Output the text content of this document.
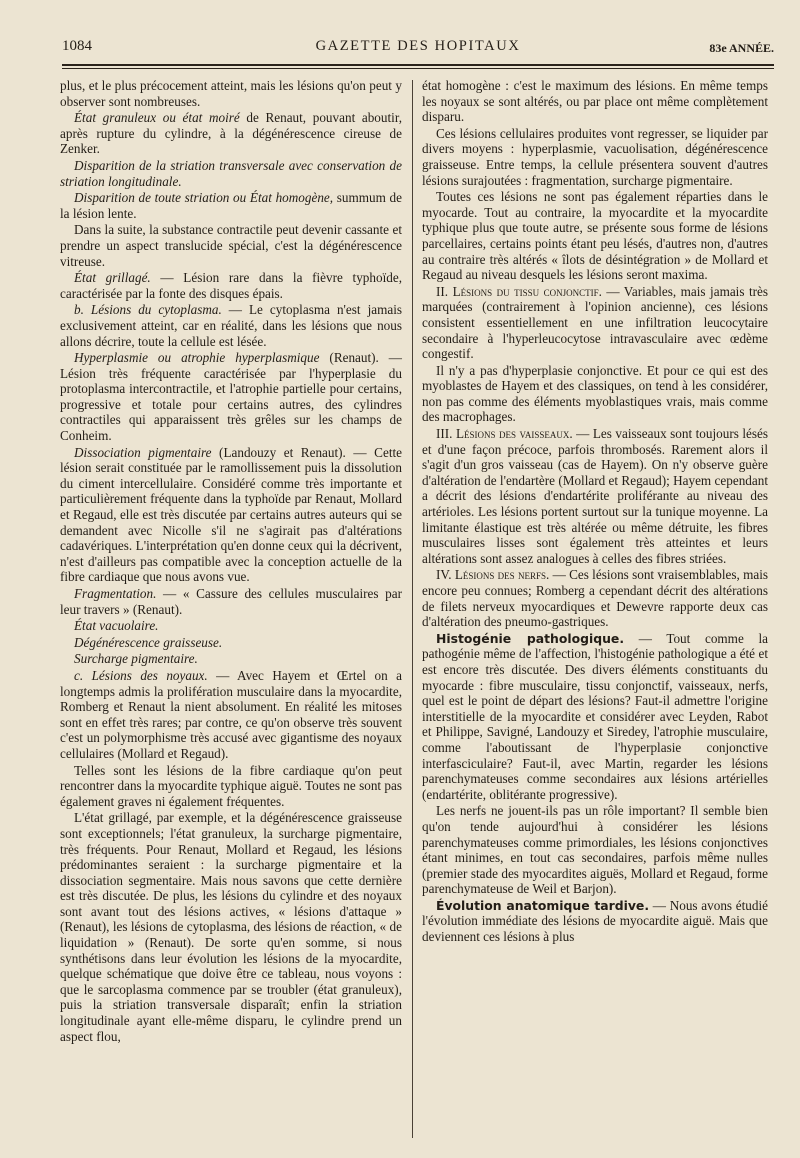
1084	GAZETTE DES HOPITAUX	83e ANNÉE.

plus, et le plus précocement atteint, mais les lésions qu'on peut y observer sont nombreuses.

État granuleux ou état moiré de Renaut, pouvant aboutir, après rupture du cylindre, à la dégénérescence cireuse de Zenker.

Disparition de la striation transversale avec conservation de striation longitudinale.

Disparition de toute striation ou État homogène, summum de la lésion lente.

Dans la suite, la substance contractile peut devenir cassante et prendre un aspect translucide spécial, c'est la dégénérescence vitreuse.

État grillagé. — Lésion rare dans la fièvre typhoïde, caractérisée par la fonte des disques épais.

b. Lésions du cytoplasma. — Le cytoplasma n'est jamais exclusivement atteint, car en réalité, dans les lésions que nous allons décrire, toute la cellule est lésée.

Hyperplasmie ou atrophie hyperplasmique (Renaut). — Lésion très fréquente caractérisée par l'hyperplasie du protoplasma intercontractile, et l'atrophie partielle pour certains, progressive et totale pour certains autres, des cylindres contractiles qui apparaissent très grêles sur les champs de Conheim.

Dissociation pigmentaire (Landouzy et Renaut). — Cette lésion serait constituée par le ramollissement puis la dissolution du ciment intercellulaire. Considéré comme très importante et particulièrement fréquente dans la typhoïde par Renaut, Mollard et Regaud, elle est très discutée par certains autres auteurs qui se demandent avec Nicolle s'il ne s'agirait pas d'altérations cadavériques. L'interprétation qu'en donne ceux qui la décrivent, n'est d'ailleurs pas compatible avec la conception actuelle de la fibre cardiaque que nous avons vue.

Fragmentation. — « Cassure des cellules musculaires par leur travers » (Renaut).

État vacuolaire.

Dégénérescence graisseuse.

Surcharge pigmentaire.

c. Lésions des noyaux. — Avec Hayem et Œrtel on a longtemps admis la prolifération musculaire dans la myocardite, Romberg et Renaut la nient absolument. En réalité les mitoses sont en effet très rares; par contre, ce qu'on observe très souvent c'est un polymorphisme très accusé avec gigantisme des noyaux cellulaires (Mollard et Regaud).

Telles sont les lésions de la fibre cardiaque qu'on peut rencontrer dans la myocardite typhique aiguë. Toutes ne sont pas également graves ni également fréquentes.

L'état grillagé, par exemple, et la dégénérescence graisseuse sont exceptionnels; l'état granuleux, la surcharge pigmentaire, très fréquents. Pour Renaut, Mollard et Regaud, les lésions prédominantes seraient : la surcharge pigmentaire et la dissociation segmentaire. Mais nous savons que cette dernière est très discutée. De plus, les lésions du cylindre et des noyaux sont avant tout des lésions actives, « lésions d'attaque » (Renaut), les lésions de cytoplasma, des lésions de réaction, « de liquidation » (Renaut). De sorte qu'en somme, si nous synthétisons dans leur évolution les lésions de la myocardite, quelque schématique que doive être ce tableau, nous voyons : que le sarcoplasma commence par se troubler (état granuleux), puis la striation transversale disparaît; enfin la striation longitudinale ayant elle-même disparu, le cylindre prend un aspect flou,

état homogène : c'est le maximum des lésions. En même temps les noyaux se sont altérés, ou par place ont même complètement disparu.

Ces lésions cellulaires produites vont regresser, se liquider par divers moyens : hyperplasmie, vacuolisation, dégénérescence graisseuse. Entre temps, la cellule présentera souvent d'autres lésions surajoutées : fragmentation, surcharge pigmentaire.

Toutes ces lésions ne sont pas également réparties dans le myocarde. Tout au contraire, la myocardite et la myocardite typhique plus que toute autre, se présente sous forme de lésions parcellaires, certains points étant peu lésés, d'autres non, d'autres au contraire très altérés « îlots de désintégration » de Mollard et Regaud au niveau desquels les lésions seront maxima.

II. Lésions du tissu conjonctif. — Variables, mais jamais très marquées (contrairement à l'opinion ancienne), ces lésions consistent essentiellement en une infiltration leucocytaire secondaire à l'hyperleucocytose intravasculaire avec œdème congestif.

Il n'y a pas d'hyperplasie conjonctive. Et pour ce qui est des myoblastes de Hayem et des classiques, on tend à les considérer, non pas comme des éléments myoblastiques vrais, mais comme des macrophages.

III. Lésions des vaisseaux. — Les vaisseaux sont toujours lésés et d'une façon précoce, parfois thrombosés. Rarement alors il s'agit d'un gros vaisseau (cas de Hayem). On n'y observe guère d'altération de l'endartère (Mollard et Regaud); Hayem cependant a décrit des lésions d'endartérite proliférante au niveau des artérioles. Les lésions portent surtout sur la tunique moyenne. La limitante élastique est très altérée ou même détruite, les fibres musculaires lisses sont également très atteintes et leurs altérations sont assez analogues à celles des fibres striées.

IV. Lésions des nerfs. — Ces lésions sont vraisemblables, mais encore peu connues; Romberg a cependant décrit des altérations de filets nerveux myocardiques et Dewevre rapporte deux cas d'altération des pneumo-gastriques.

Histogénie pathologique. — Tout comme la pathogénie même de l'affection, l'histogénie pathologique a été et est encore très discutée. Des divers éléments constituants du myocarde : fibre musculaire, tissu conjonctif, vaisseaux, nerfs, quel est le point de départ des lésions? Faut-il admettre l'origine interstitielle de la myocardite et considérer avec Leyden, Rabot et Philippe, Savigné, Landouzy et Siredey, l'atrophie musculaire, comme l'aboutissant de l'hyperplasie conjonctive interfasciculaire? Faut-il, avec Martin, regarder les lésions parenchymateuses comme secondaires aux lésions artérielles (endartérite, oblitérante progressive).

Les nerfs ne jouent-ils pas un rôle important? Il semble bien qu'on tende aujourd'hui à considérer les lésions parenchymateuses comme primordiales, les lésions conjonctives étant minimes, en tout cas secondaires, parfois même nulles (premier stade des myocardites aiguës, Mollard et Regaud, forme parenchymateuse de Weil et Barjon).

Évolution anatomique tardive. — Nous avons étudié l'évolution immédiate des lésions de myocardite aiguë. Mais que deviennent ces lésions à plus
